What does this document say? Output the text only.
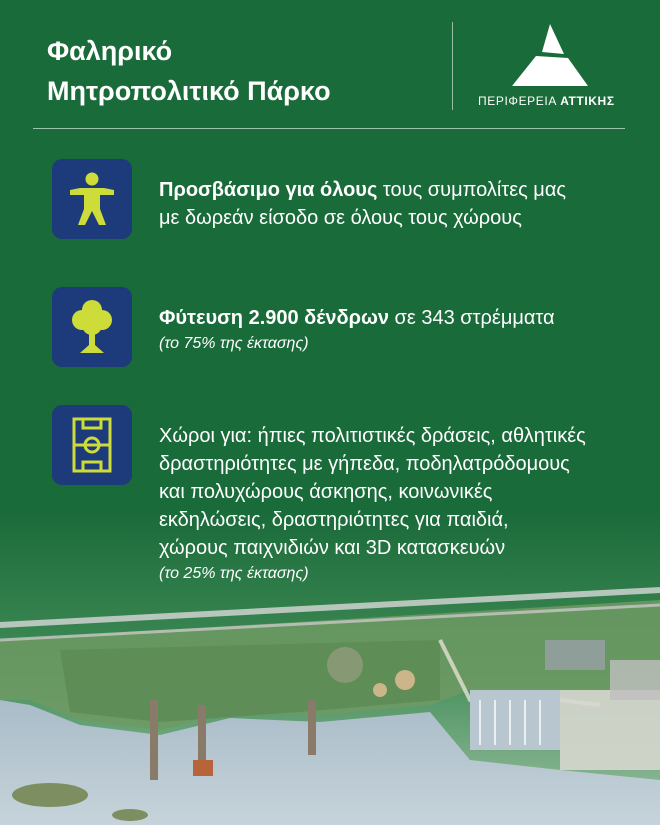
Φαληρικό
Μητροπολιτικό Πάρκο	ΠΕΡΙΦΕΡΕΙΑ ΑΤΤΙΚΗΣ
Προσβάσιμο για όλους τους συμπολίτες μας
με δωρεάν είσοδο σε όλους τους χώρους
Φύτευση 2.900 δένδρων σε 343 στρέμματα
(το 75% της έκτασης)
Χώροι για: ήπιες πολιτιστικές δράσεις, αθλητικές
δραστηριότητες με γήπεδα, ποδηλατρόδομους
και πολυχώρους άσκησης, κοινωνικές
εκδηλώσεις, δραστηριότητες για παιδιά,
χώρους παιχνιδιών και 3D κατασκευών
(το 25% της έκτασης)
